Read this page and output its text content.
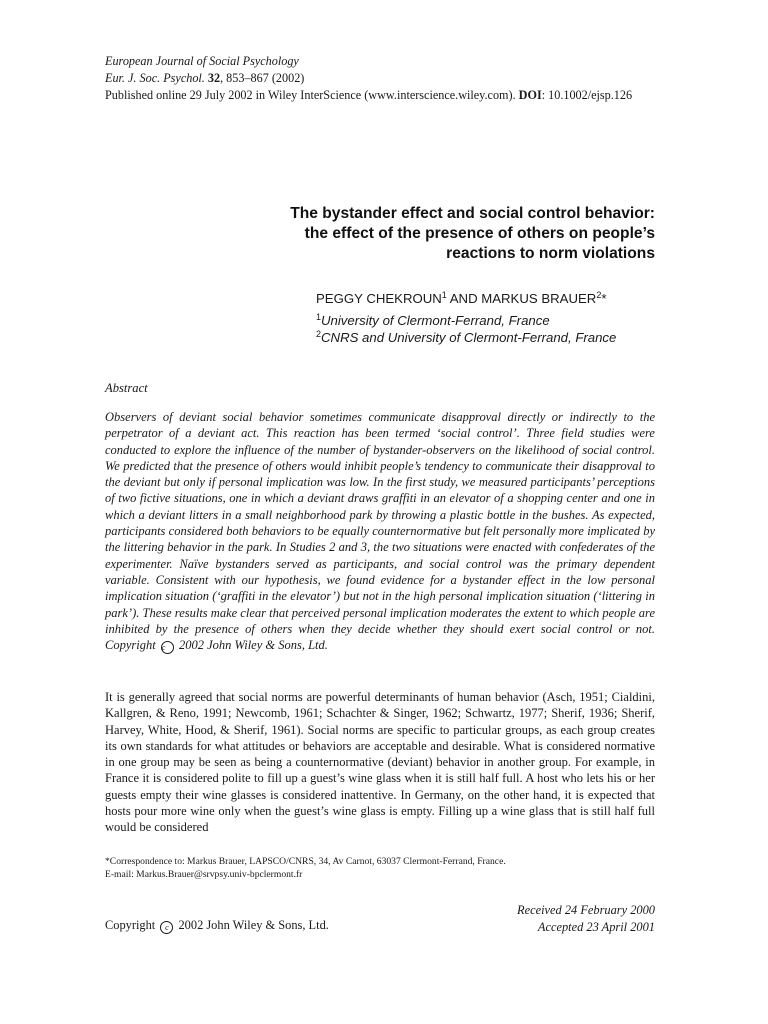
European Journal of Social Psychology
Eur. J. Soc. Psychol. 32, 853–867 (2002)
Published online 29 July 2002 in Wiley InterScience (www.interscience.wiley.com). DOI: 10.1002/ejsp.126
The bystander effect and social control behavior:
the effect of the presence of others on people’s
reactions to norm violations
PEGGY CHEKROUN$^1$ AND MARKUS BRAUER$^2$*
$^1$University of Clermont-Ferrand, France
$^2$CNRS and University of Clermont-Ferrand, France
Abstract
Observers of deviant social behavior sometimes communicate disapproval directly or indirectly to the perpetrator of a deviant act. This reaction has been termed ‘social control’. Three field studies were conducted to explore the influence of the number of bystander-observers on the likelihood of social control. We predicted that the presence of others would inhibit people’s tendency to communicate their disapproval to the deviant but only if personal implication was low. In the first study, we measured participants’ perceptions of two fictive situations, one in which a deviant draws graffiti in an elevator of a shopping center and one in which a deviant litters in a small neighborhood park by throwing a plastic bottle in the bushes. As expected, participants considered both behaviors to be equally counternormative but felt personally more implicated by the littering behavior in the park. In Studies 2 and 3, the two situations were enacted with confederates of the experimenter. Naïve bystanders served as participants, and social control was the primary dependent variable. Consistent with our hypothesis, we found evidence for a bystander effect in the low personal implication situation (‘graffiti in the elevator’) but not in the high personal implication situation (‘littering in park’). These results make clear that perceived personal implication moderates the extent to which people are inhibited by the presence of others when they decide whether they should exert social control or not. Copyright c 2002 John Wiley & Sons, Ltd.
It is generally agreed that social norms are powerful determinants of human behavior (Asch, 1951; Cialdini, Kallgren, & Reno, 1991; Newcomb, 1961; Schachter & Singer, 1962; Schwartz, 1977; Sherif, 1936; Sherif, Harvey, White, Hood, & Sherif, 1961). Social norms are specific to particular groups, as each group creates its own standards for what attitudes or behaviors are acceptable and desirable. What is considered normative in one group may be seen as being a counternormative (deviant) behavior in another group. For example, in France it is considered polite to fill up a guest’s wine glass when it is still half full. A host who lets his or her guests empty their wine glasses is considered inattentive. In Germany, on the other hand, it is expected that hosts pour more wine only when the guest’s wine glass is empty. Filling up a wine glass that is still half full would be considered
*Correspondence to: Markus Brauer, LAPSCO/CNRS, 34, Av Carnot, 63037 Clermont-Ferrand, France.
E-mail: Markus.Brauer@srvpsy.univ-bpclermont.fr
Copyright c 2002 John Wiley & Sons, Ltd.
Received 24 February 2000
Accepted 23 April 2001
